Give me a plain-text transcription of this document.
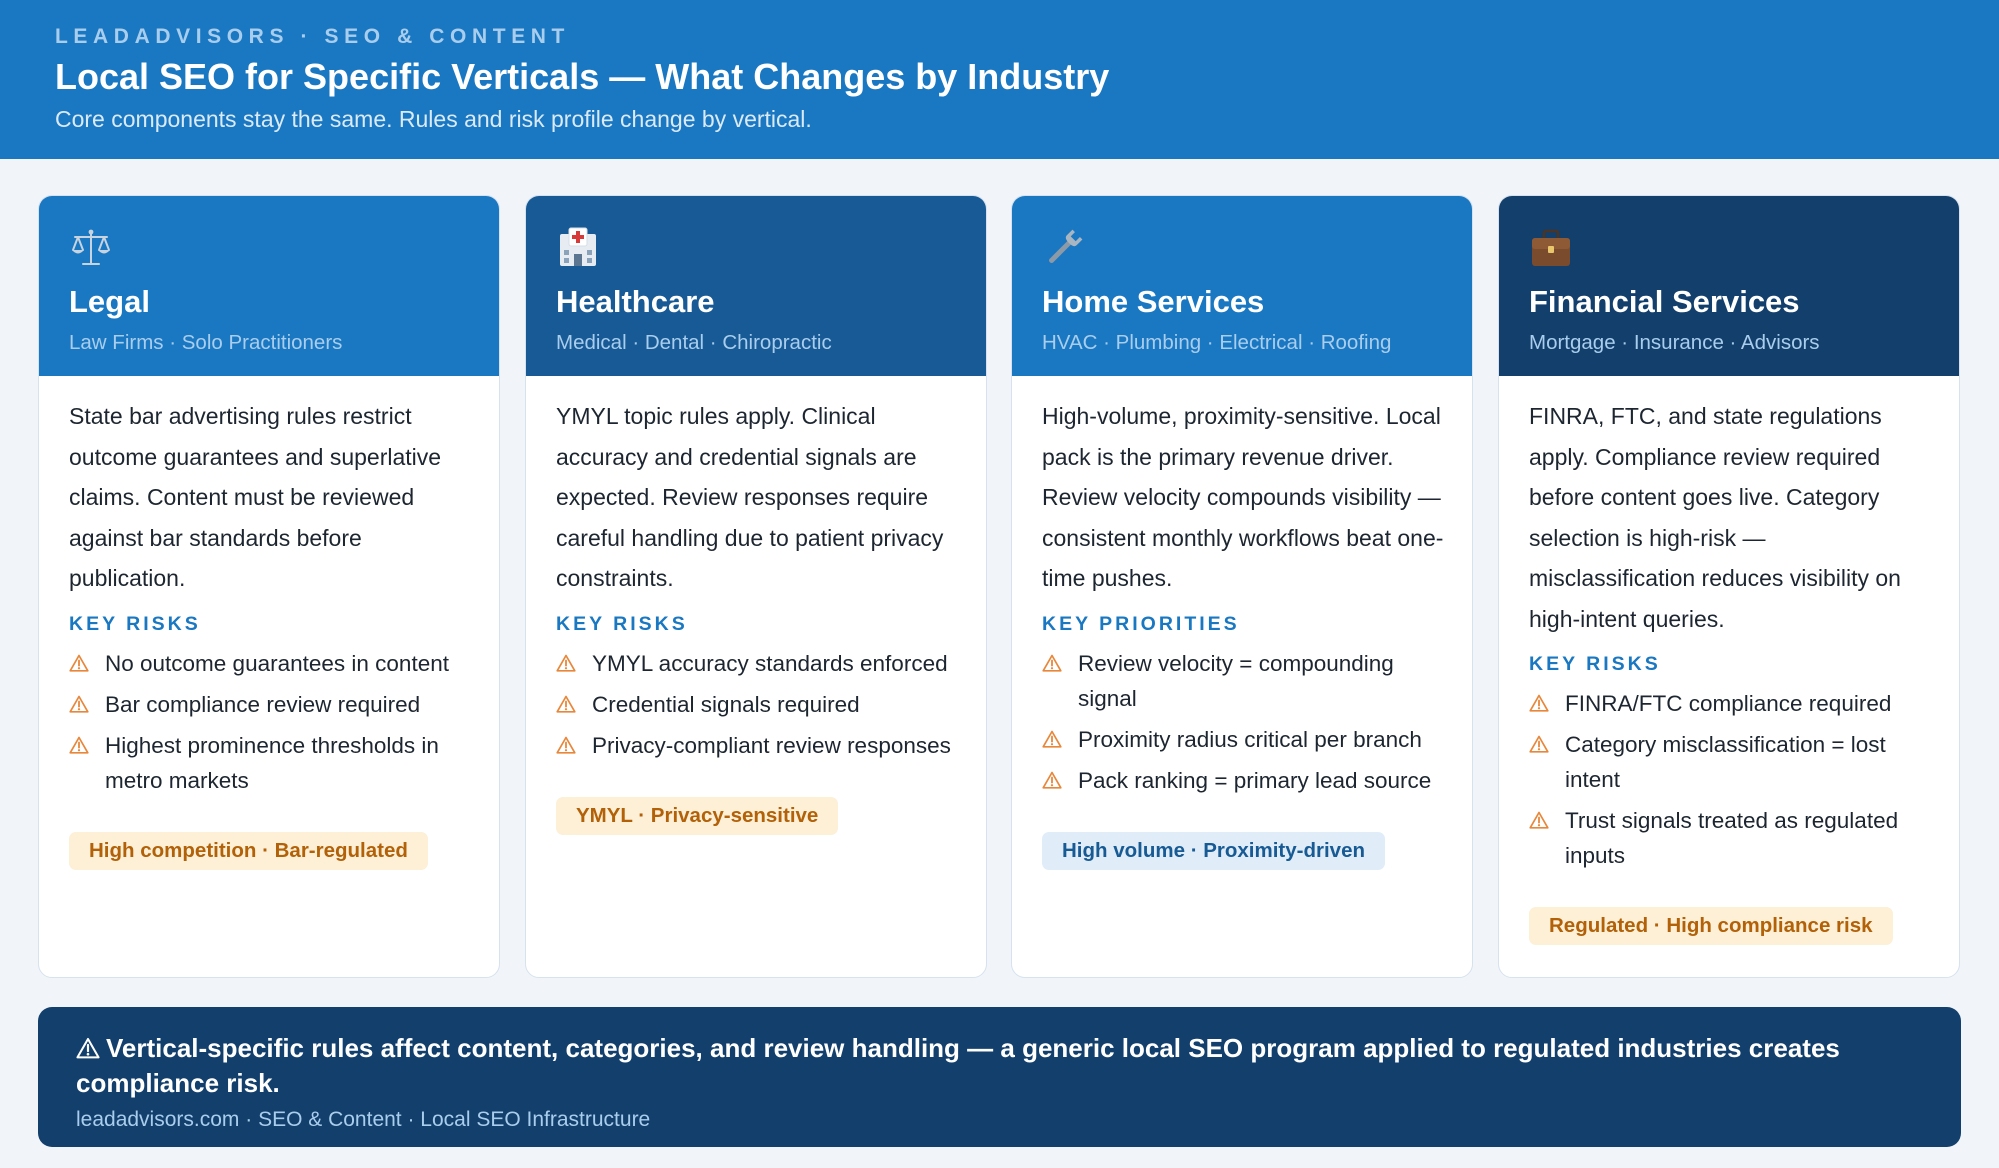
LEADADVISORS · SEO & CONTENT
Local SEO for Specific Verticals — What Changes by Industry
Core components stay the same. Rules and risk profile change by vertical.
Legal
Law Firms · Solo Practitioners

State bar advertising rules restrict outcome guarantees and superlative claims. Content must be reviewed against bar standards before publication.

KEY RISKS
No outcome guarantees in content
Bar compliance review required
Highest prominence thresholds in metro markets
High competition · Bar-regulated
Healthcare
Medical · Dental · Chiropractic

YMYL topic rules apply. Clinical accuracy and credential signals are expected. Review responses require careful handling due to patient privacy constraints.

KEY RISKS
YMYL accuracy standards enforced
Credential signals required
Privacy-compliant review responses
YMYL · Privacy-sensitive
Home Services
HVAC · Plumbing · Electrical · Roofing

High-volume, proximity-sensitive. Local pack is the primary revenue driver. Review velocity compounds visibility — consistent monthly workflows beat one-time pushes.

KEY PRIORITIES
Review velocity = compounding signal
Proximity radius critical per branch
Pack ranking = primary lead source
High volume · Proximity-driven
Financial Services
Mortgage · Insurance · Advisors

FINRA, FTC, and state regulations apply. Compliance review required before content goes live. Category selection is high-risk — misclassification reduces visibility on high-intent queries.

KEY RISKS
FINRA/FTC compliance required
Category misclassification = lost intent
Trust signals treated as regulated inputs
Regulated · High compliance risk
Vertical-specific rules affect content, categories, and review handling — a generic local SEO program applied to regulated industries creates compliance risk.
leadadvisors.com · SEO & Content · Local SEO Infrastructure
